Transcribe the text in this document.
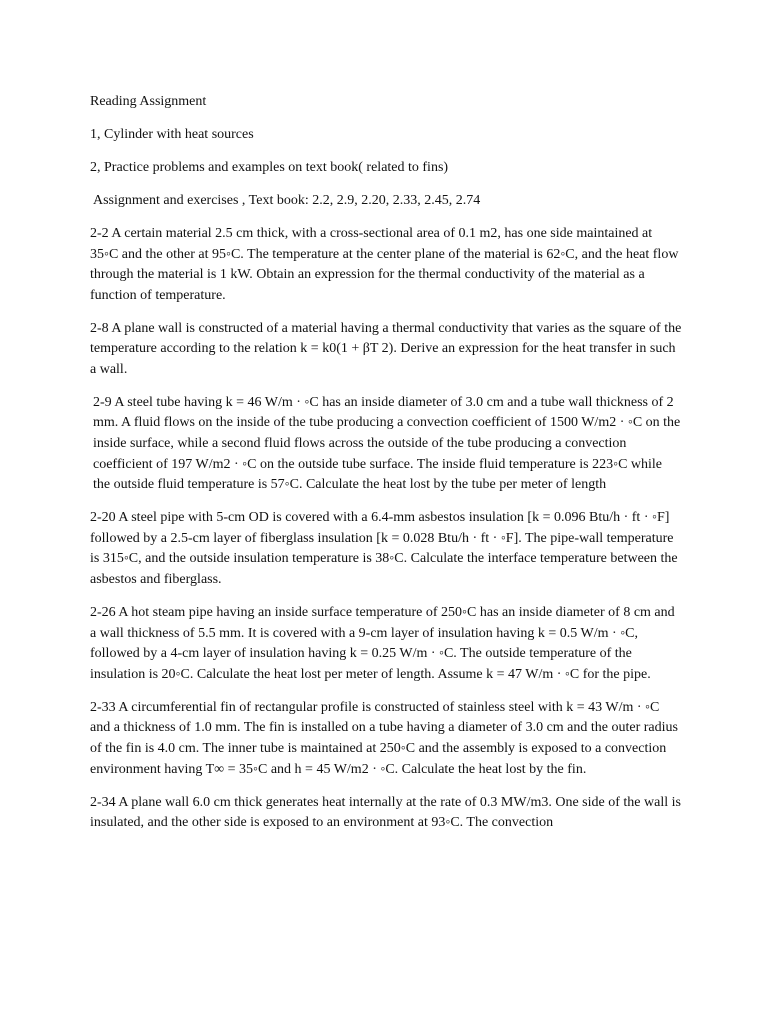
Reading Assignment

1, Cylinder with heat sources

2, Practice problems and examples on text book( related to fins)

Assignment and exercises , Text book: 2.2, 2.9, 2.20, 2.33, 2.45, 2.74

2-2 A certain material 2.5 cm thick, with a cross-sectional area of 0.1 m2, has one side maintained at 35◦C and the other at 95◦C. The temperature at the center plane of the material is 62◦C, and the heat flow through the material is 1 kW. Obtain an expression for the thermal conductivity of the material as a function of temperature.

2-8 A plane wall is constructed of a material having a thermal conductivity that varies as the square of the temperature according to the relation k = k0(1 + βT 2). Derive an expression for the heat transfer in such a wall.

2-9 A steel tube having k = 46 W/m · ◦C has an inside diameter of 3.0 cm and a tube wall thickness of 2 mm. A fluid flows on the inside of the tube producing a convection coefficient of 1500 W/m2 · ◦C on the inside surface, while a second fluid flows across the outside of the tube producing a convection coefficient of 197 W/m2 · ◦C on the outside tube surface. The inside fluid temperature is 223◦C while the outside fluid temperature is 57◦C. Calculate the heat lost by the tube per meter of length

2-20 A steel pipe with 5-cm OD is covered with a 6.4-mm asbestos insulation [k = 0.096 Btu/h · ft · ◦F] followed by a 2.5-cm layer of fiberglass insulation [k = 0.028 Btu/h · ft · ◦F]. The pipe-wall temperature is 315◦C, and the outside insulation temperature is 38◦C. Calculate the interface temperature between the asbestos and fiberglass.

2-26 A hot steam pipe having an inside surface temperature of 250◦C has an inside diameter of 8 cm and a wall thickness of 5.5 mm. It is covered with a 9-cm layer of insulation having k = 0.5 W/m · ◦C, followed by a 4-cm layer of insulation having k = 0.25 W/m · ◦C. The outside temperature of the insulation is 20◦C. Calculate the heat lost per meter of length. Assume k = 47 W/m · ◦C for the pipe.

2-33 A circumferential fin of rectangular profile is constructed of stainless steel with k = 43 W/m · ◦C and a thickness of 1.0 mm. The fin is installed on a tube having a diameter of 3.0 cm and the outer radius of the fin is 4.0 cm. The inner tube is maintained at 250◦C and the assembly is exposed to a convection environment having T∞ = 35◦C and h = 45 W/m2 · ◦C. Calculate the heat lost by the fin.

2-34 A plane wall 6.0 cm thick generates heat internally at the rate of 0.3 MW/m3. One side of the wall is insulated, and the other side is exposed to an environment at 93◦C. The convection
